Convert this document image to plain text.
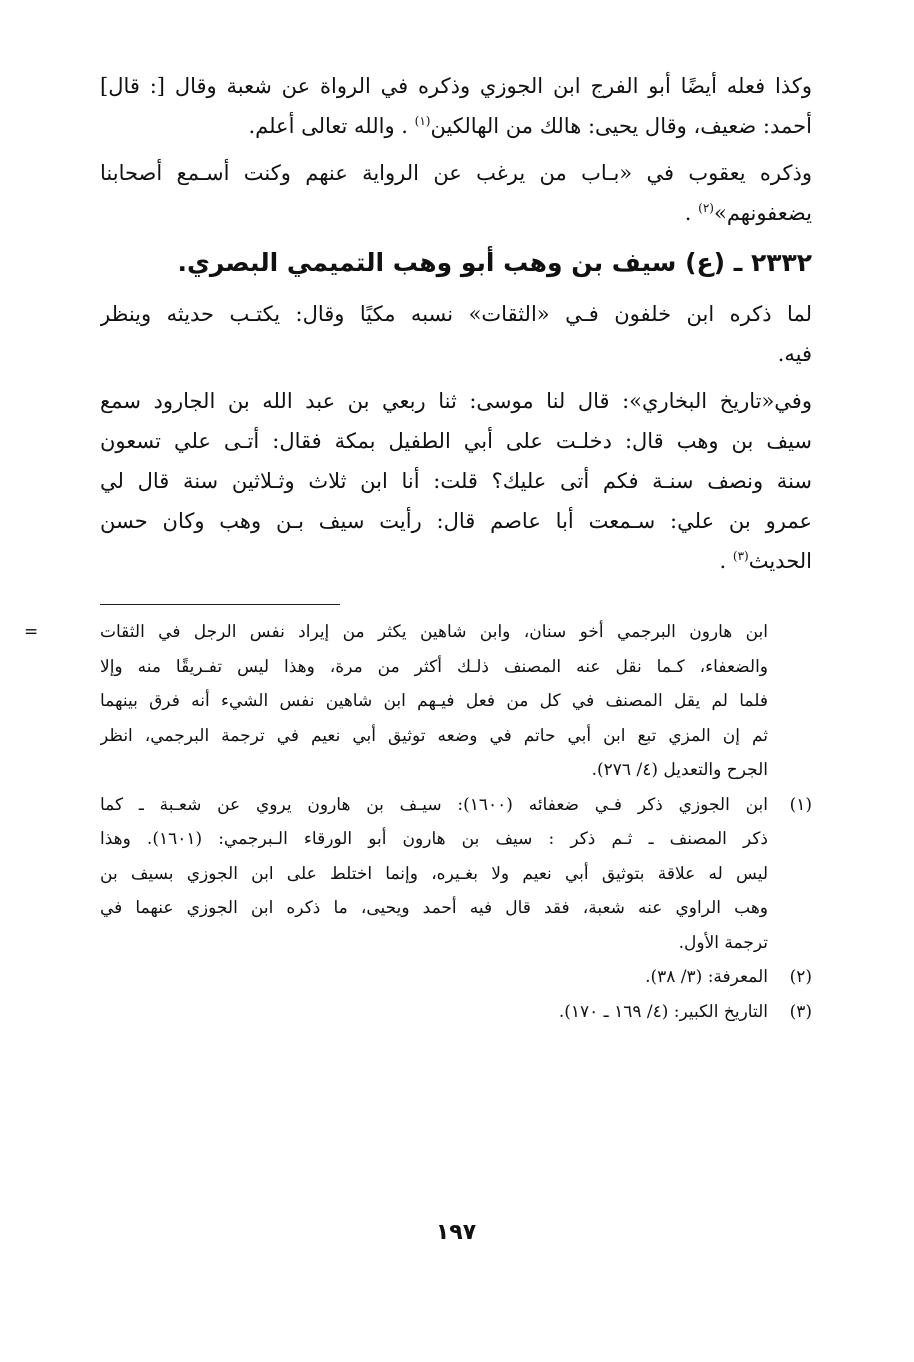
وكذا فعله أيضًا أبو الفرج ابن الجوزي وذكره في الرواة عن شعبة وقال [: قال]
أحمد: ضعيف، وقال يحيى: هالك من الهالكين$^{(١)}$ . والله تعالى أعلم.

وذكره يعقوب في «بـاب من يرغب عن الرواية عنهم وكنت أسـمع أصحابنا
يضعفونهم»$^{(٢)}$ .

٢٣٣٢ ـ (ع) سيف بن وهب أبو وهب التميمي البصري.

لما ذكره ابن خلفون فـي «الثقات» نسبه مكيًا وقال: يكتـب حديثه وينظر
فيه.

وفي«تاريخ البخاري»: قال لنا موسى: ثنا ربعي بن عبد الله بن الجارود سمع
سيف بن وهب قال: دخلـت على أبي الطفيل بمكة فقال: أتـى علي تسعون
سنة ونصف سنـة فكم أتى عليك؟ قلت: أنا ابن ثلاث وثـلاثين سنة قال لي
عمرو بن علي: سـمعت أبا عاصم قال: رأيت سيف بـن وهب وكان حسن
الحديث$^{(٣)}$ .

=	ابن هارون البرجمي أخو سنان، وابن شاهين يكثر من إيراد نفس الرجل في الثقات
والضعفاء، كـما نقل عنه المصنف ذلـك أكثر من مرة، وهذا ليس تفـريقًا منه وإلا
فلما لم يقل المصنف في كل من فعل فيـهم ابن شاهين نفس الشيء أنه فرق بينهما
ثم إن المزي تبع ابن أبي حاتم في وضعه توثيق أبي نعيم في ترجمة البرجمي، انظر
الجرح والتعديل (٤/ ٢٧٦).
(١)
ابن الجوزي ذكر فـي ضعفائه (١٦٠٠): سيـف بن هارون يروي عن شعـبة ـ كما
ذكر المصنف ـ ثـم ذكر : سيف بن هارون أبو الورقاء الـبرجمي: (١٦٠١). وهذا
ليس له علاقة بتوثيق أبي نعيم ولا بغـيره، وإنما اختلط على ابن الجوزي بسيف بن
وهب الراوي عنه شعبة، فقد قال فيه أحمد ويحيى، ما ذكره ابن الجوزي عنهما في
ترجمة الأول.
(٢)
المعرفة: (٣/ ٣٨).
(٣)
التاريخ الكبير: (٤/ ١٦٩ ـ ١٧٠).
١٩٧
